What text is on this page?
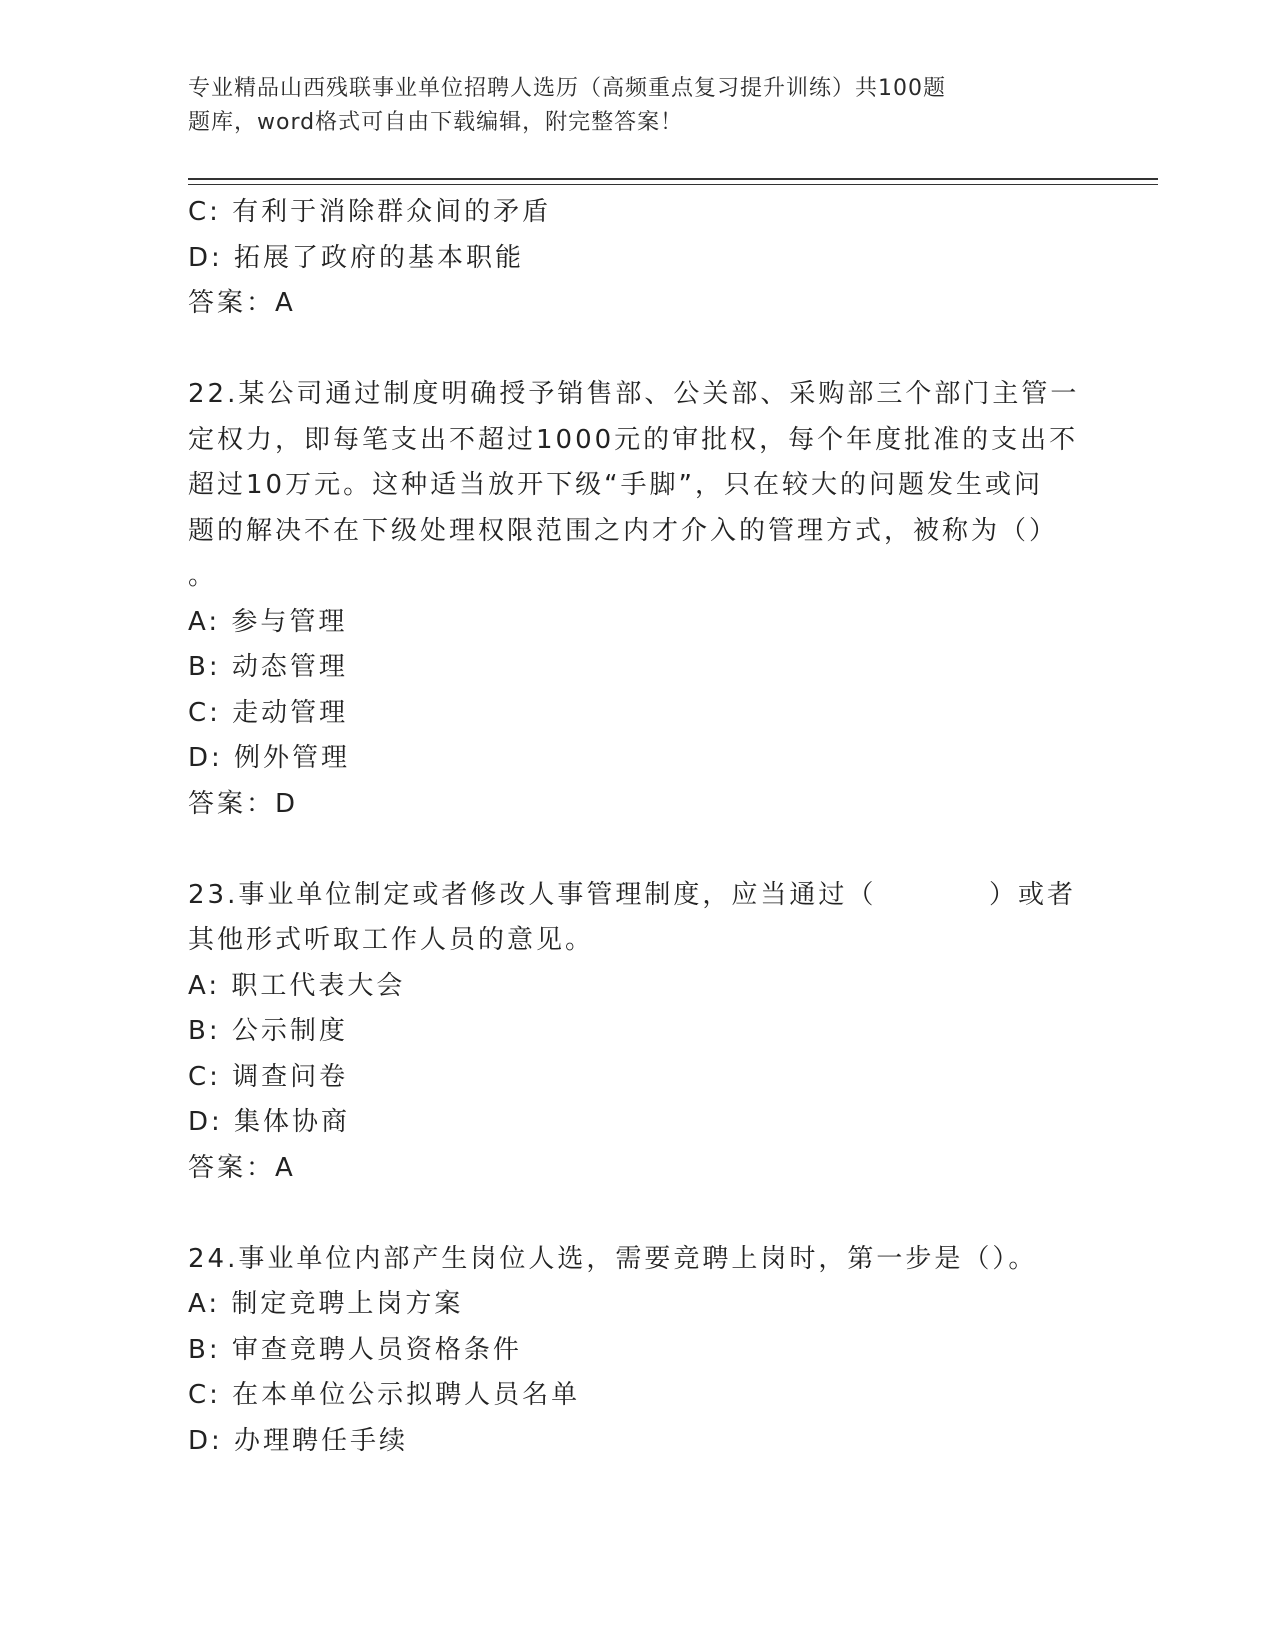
专业精品山西残联事业单位招聘人选历（高频重点复习提升训练）共100题
题库，word格式可自由下载编辑，附完整答案！
C: 有利于消除群众间的矛盾
D: 拓展了政府的基本职能
答案：A
22.某公司通过制度明确授予销售部、公关部、采购部三个部门主管一
定权力，即每笔支出不超过1000元的审批权，每个年度批准的支出不
超过10万元。这种适当放开下级“手脚”，只在较大的问题发生或问
题的解决不在下级处理权限范围之内才介入的管理方式，被称为（）
。
A: 参与管理
B: 动态管理
C: 走动管理
D: 例外管理
答案：D
23.事业单位制定或者修改人事管理制度，应当通过（          ）或者
其他形式听取工作人员的意见。
A: 职工代表大会
B: 公示制度
C: 调查问卷
D: 集体协商
答案：A
24.事业单位内部产生岗位人选，需要竞聘上岗时，第一步是（）。
A: 制定竞聘上岗方案
B: 审查竞聘人员资格条件
C: 在本单位公示拟聘人员名单
D: 办理聘任手续
